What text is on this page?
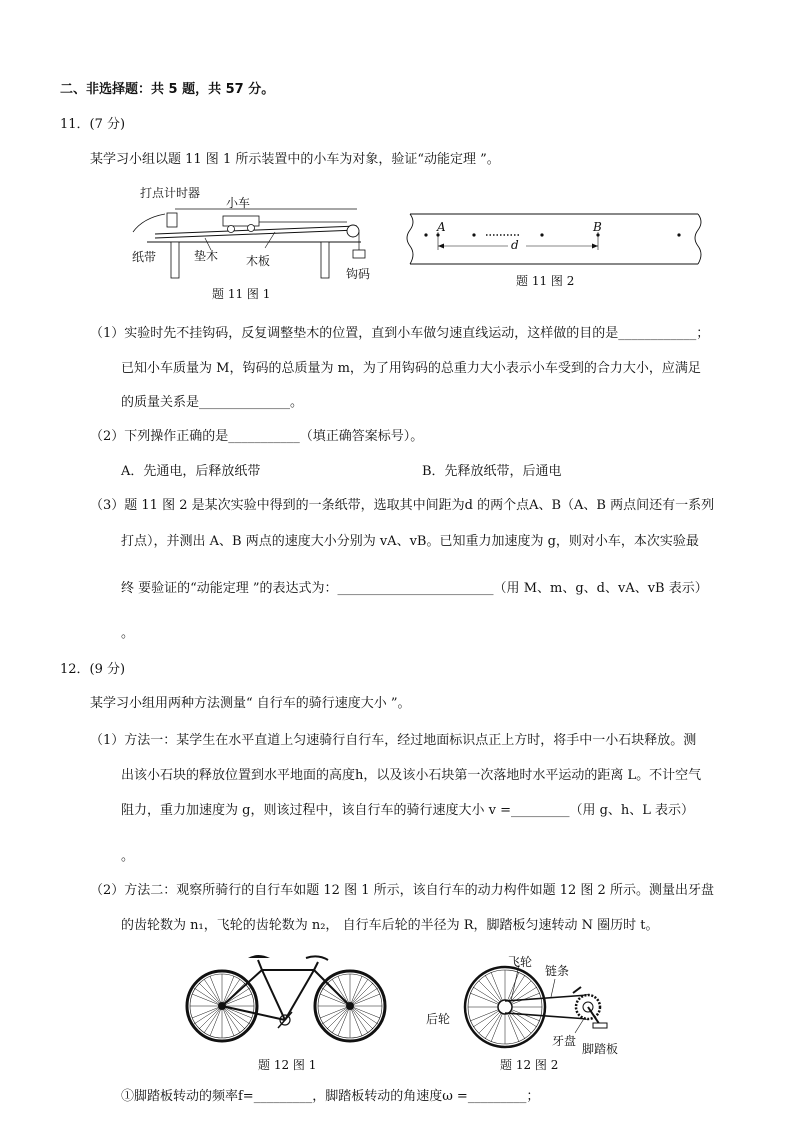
二、非选择题：共 5 题，共 57 分。
11．(7 分)
某学习小组以题 11 图 1 所示装置中的小车为对象，验证“动能定理 ”。
打点计时器
小车
纸带	垫木 木板
钩码
题 11 图 1
A	B
d
题 11 图 2
（1）实验时先不挂钩码，反复调整垫木的位置，直到小车做匀速直线运动，这样做的目的是____________；
已知小车质量为 M，钩码的总质量为 m，为了用钩码的总重力大小表示小车受到的合力大小，应满足
的质量关系是______________。
（2）下列操作正确的是___________（填正确答案标号）。
A．先通电，后释放纸带	B．先释放纸带，后通电
（3）题 11 图 2 是某次实验中得到的一条纸带，选取其中间距为d 的两个点A、B（A、B 两点间还有一系列
打点），并测出 A、B 两点的速度大小分别为 vA、vB。已知重力加速度为 g，则对小车，本次实验最
终 要验证的“动能定理 ”的表达式为：________________________（用 M、m、g、d、vA、vB 表示）
。
12．(9 分)
某学习小组用两种方法测量“ 自行车的骑行速度大小 ”。
（1）方法一：某学生在水平直道上匀速骑行自行车，经过地面标识点正上方时，将手中一小石块释放。测
出该小石块的释放位置到水平地面的高度h，以及该小石块第一次落地时水平运动的距离 L。不计空气
阻力，重力加速度为 g，则该过程中，该自行车的骑行速度大小 v =_________（用 g、h、L 表示）
。
（2）方法二：观察所骑行的自行车如题 12 图 1 所示，该自行车的动力构件如题 12 图 2 所示。测量出牙盘
的齿轮数为 n₁，飞轮的齿轮数为 n₂， 自行车后轮的半径为 R，脚踏板匀速转动 N 圈历时 t。
题 12 图 1
飞轮
链条
后轮
牙盘
脚踏板
题 12 图 2
①脚踏板转动的频率f=_________，脚踏板转动的角速度ω =_________；
